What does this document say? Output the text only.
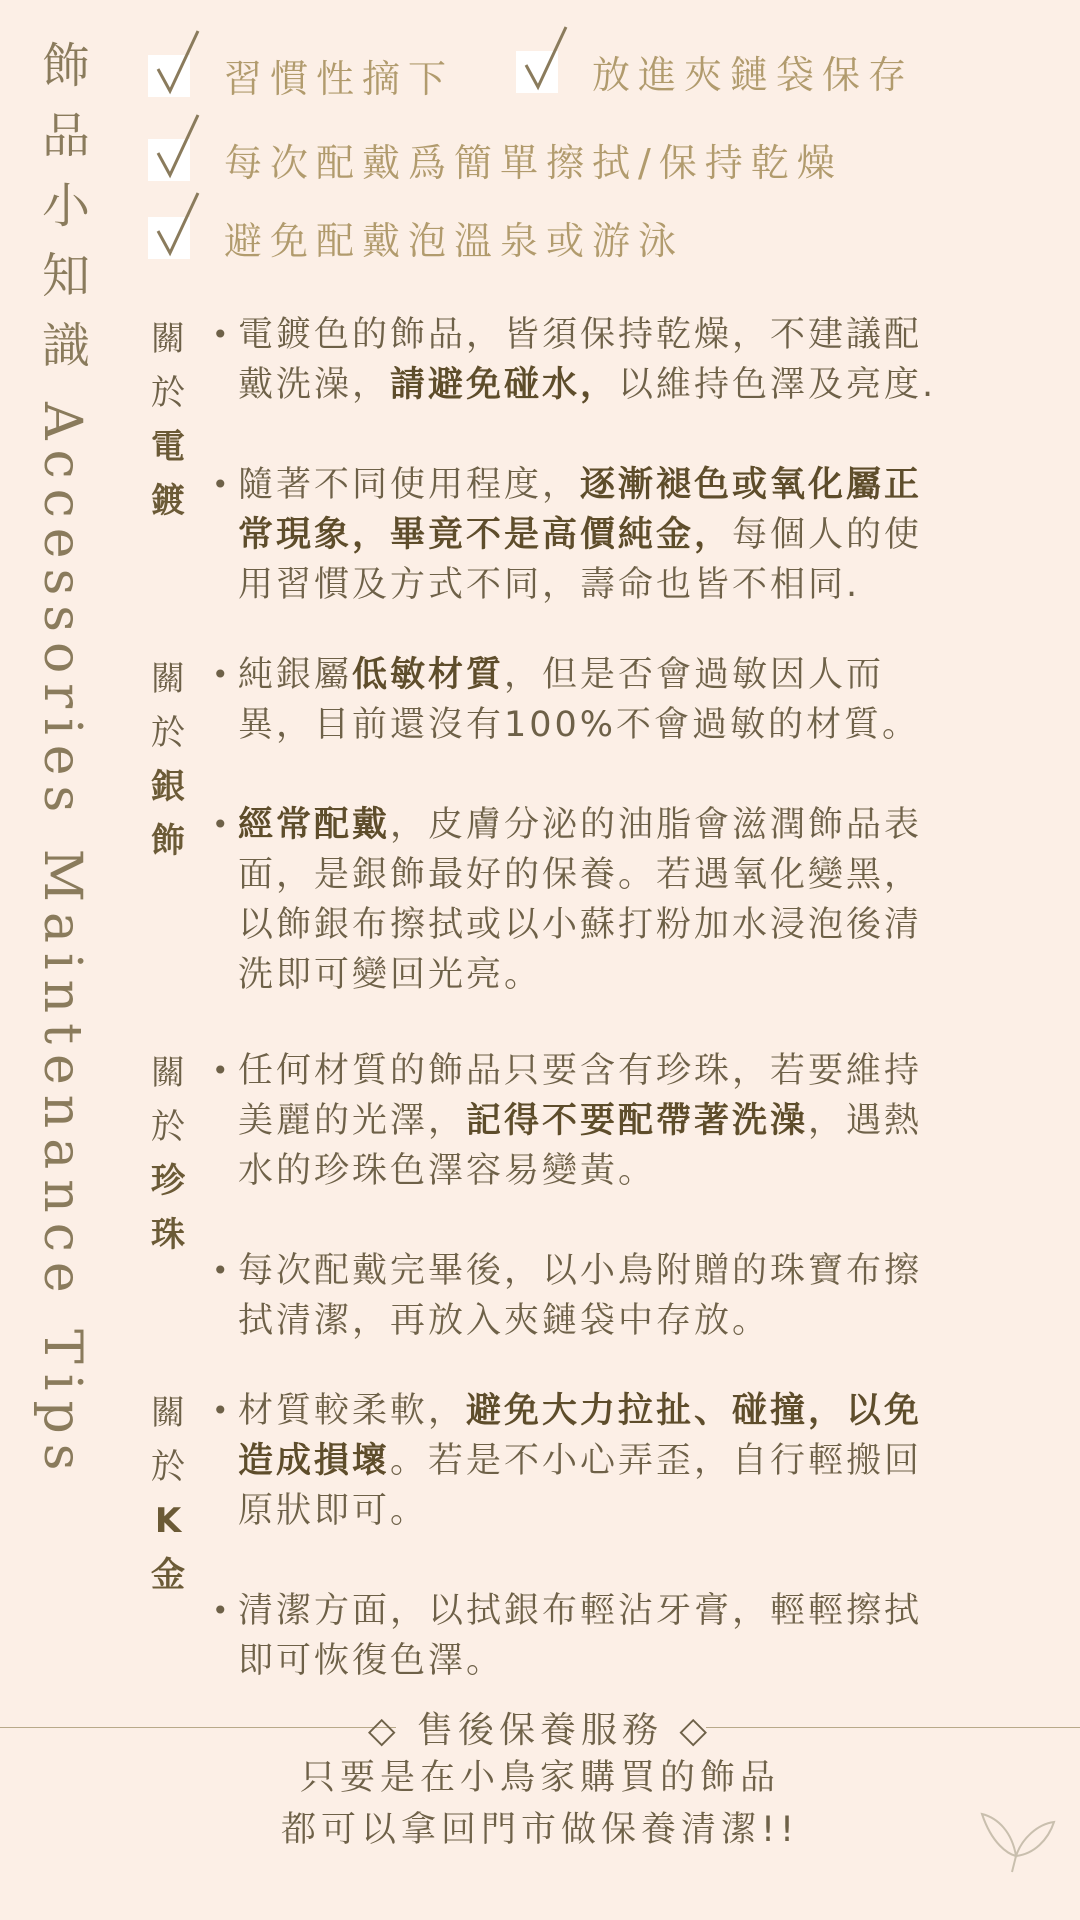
飾品小知識
Accessories Maintenance Tips
習慣性摘下	放進夾鏈袋保存
每次配戴爲簡單擦拭/保持乾燥
避免配戴泡溫泉或游泳
關
於
電
鍍
• 電鍍色的飾品，皆須保持乾燥，不建議配戴洗澡，請避免碰水，以維持色澤及亮度.
• 隨著不同使用程度，逐漸褪色或氧化屬正常現象，畢竟不是高價純金，每個人的使用習慣及方式不同，壽命也皆不相同.
關
於
銀
飾
• 純銀屬低敏材質，但是否會過敏因人而異，目前還沒有100%不會過敏的材質。
• 經常配戴，皮膚分泌的油脂會滋潤飾品表面，是銀飾最好的保養。若遇氧化變黑，以飾銀布擦拭或以小蘇打粉加水浸泡後清洗即可變回光亮。
關
於
珍
珠
• 任何材質的飾品只要含有珍珠，若要維持美麗的光澤，記得不要配帶著洗澡，遇熱水的珍珠色澤容易變黃。
• 每次配戴完畢後，以小鳥附贈的珠寶布擦拭清潔，再放入夾鏈袋中存放。
關
於
K
金
• 材質較柔軟，避免大力拉扯、碰撞，以免造成損壞。若是不小心弄歪，自行輕搬回原狀即可。
• 清潔方面，以拭銀布輕沾牙膏，輕輕擦拭即可恢復色澤。
◇ 售後保養服務 ◇
只要是在小鳥家購買的飾品
都可以拿回門市做保養清潔!!
